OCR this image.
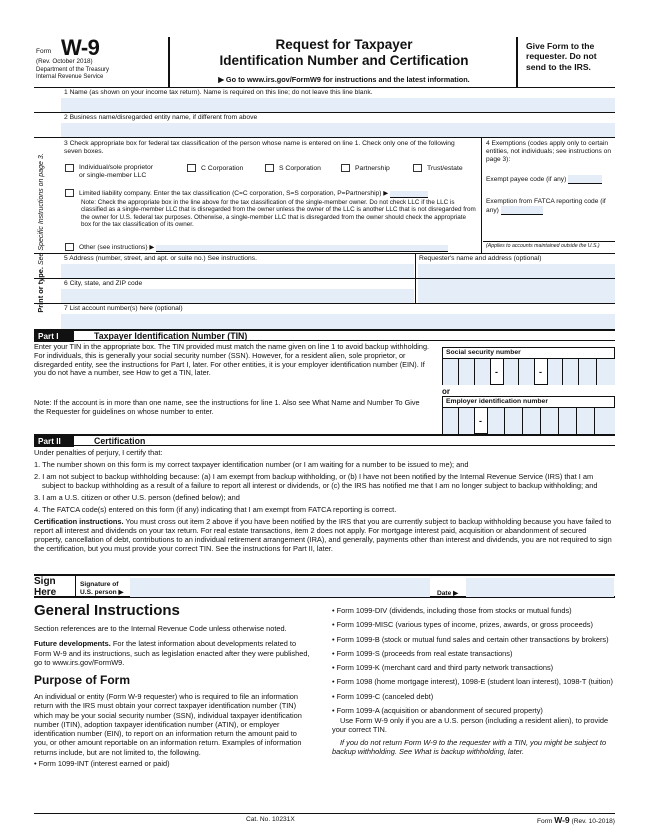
Form W-9
(Rev. October 2018)
Department of the Treasury
Internal Revenue Service
Request for Taxpayer
Identification Number and Certification
▶ Go to www.irs.gov/FormW9 for instructions and the latest information.
Give Form to the requester. Do not send to the IRS.
Print or type. See Specific Instructions on page 3.
1 Name (as shown on your income tax return). Name is required on this line; do not leave this line blank.
2 Business name/disregarded entity name, if different from above
3 Check appropriate box for federal tax classification of the person whose name is entered on line 1. Check only one of the following seven boxes.
Individual/sole proprietor or single-member LLC
C Corporation	S Corporation	Partnership	Trust/estate
Limited liability company. Enter the tax classification (C=C corporation, S=S corporation, P=Partnership) ▶
Note: Check the appropriate box in the line above for the tax classification of the single-member owner. Do not check LLC if the LLC is classified as a single-member LLC that is disregarded from the owner unless the owner of the LLC is another LLC that is not disregarded from the owner for U.S. federal tax purposes. Otherwise, a single-member LLC that is disregarded from the owner should check the appropriate box for the tax classification of its owner.
Other (see instructions) ▶
4 Exemptions (codes apply only to certain entities, not individuals; see instructions on page 3):
Exempt payee code (if any)
Exemption from FATCA reporting code (if any)
(Applies to accounts maintained outside the U.S.)
5 Address (number, street, and apt. or suite no.) See instructions.	Requester's name and address (optional)
6 City, state, and ZIP code
7 List account number(s) here (optional)
Part I	Taxpayer Identification Number (TIN)
Enter your TIN in the appropriate box. The TIN provided must match the name given on line 1 to avoid backup withholding. For individuals, this is generally your social security number (SSN). However, for a resident alien, sole proprietor, or disregarded entity, see the instructions for Part I, later. For other entities, it is your employer identification number (EIN). If you do not have a number, see How to get a TIN, later.
Note: If the account is in more than one name, see the instructions for line 1. Also see What Name and Number To Give the Requester for guidelines on whose number to enter.
Social security number
-	-
or
Employer identification number
-
Part II	Certification
Under penalties of perjury, I certify that:
1. The number shown on this form is my correct taxpayer identification number (or I am waiting for a number to be issued to me); and
2. I am not subject to backup withholding because: (a) I am exempt from backup withholding, or (b) I have not been notified by the Internal Revenue Service (IRS) that I am subject to backup withholding as a result of a failure to report all interest or dividends, or (c) the IRS has notified me that I am no longer subject to backup withholding; and
3. I am a U.S. citizen or other U.S. person (defined below); and
4. The FATCA code(s) entered on this form (if any) indicating that I am exempt from FATCA reporting is correct.
Certification instructions. You must cross out item 2 above if you have been notified by the IRS that you are currently subject to backup withholding because you have failed to report all interest and dividends on your tax return. For real estate transactions, item 2 does not apply. For mortgage interest paid, acquisition or abandonment of secured property, cancellation of debt, contributions to an individual retirement arrangement (IRA), and generally, payments other than interest and dividends, you are not required to sign the certification, but you must provide your correct TIN. See the instructions for Part II, later.
Sign Here
Signature of U.S. person ▶	Date ▶
General Instructions

Section references are to the Internal Revenue Code unless otherwise noted.

Future developments. For the latest information about developments related to Form W-9 and its instructions, such as legislation enacted after they were published, go to www.irs.gov/FormW9.

Purpose of Form

An individual or entity (Form W-9 requester) who is required to file an information return with the IRS must obtain your correct taxpayer identification number (TIN) which may be your social security number (SSN), individual taxpayer identification number (ITIN), adoption taxpayer identification number (ATIN), or employer identification number (EIN), to report on an information return the amount paid to you, or other amount reportable on an information return. Examples of information returns include, but are not limited to, the following.

• Form 1099-INT (interest earned or paid)

• Form 1099-DIV (dividends, including those from stocks or mutual funds)

• Form 1099-MISC (various types of income, prizes, awards, or gross proceeds)

• Form 1099-B (stock or mutual fund sales and certain other transactions by brokers)

• Form 1099-S (proceeds from real estate transactions)

• Form 1099-K (merchant card and third party network transactions)

• Form 1098 (home mortgage interest), 1098-E (student loan interest), 1098-T (tuition)

• Form 1099-C (canceled debt)

• Form 1099-A (acquisition or abandonment of secured property)

Use Form W-9 only if you are a U.S. person (including a resident alien), to provide your correct TIN.

If you do not return Form W-9 to the requester with a TIN, you might be subject to backup withholding. See What is backup withholding, later.

Cat. No. 10231X	Form W-9 (Rev. 10-2018)
